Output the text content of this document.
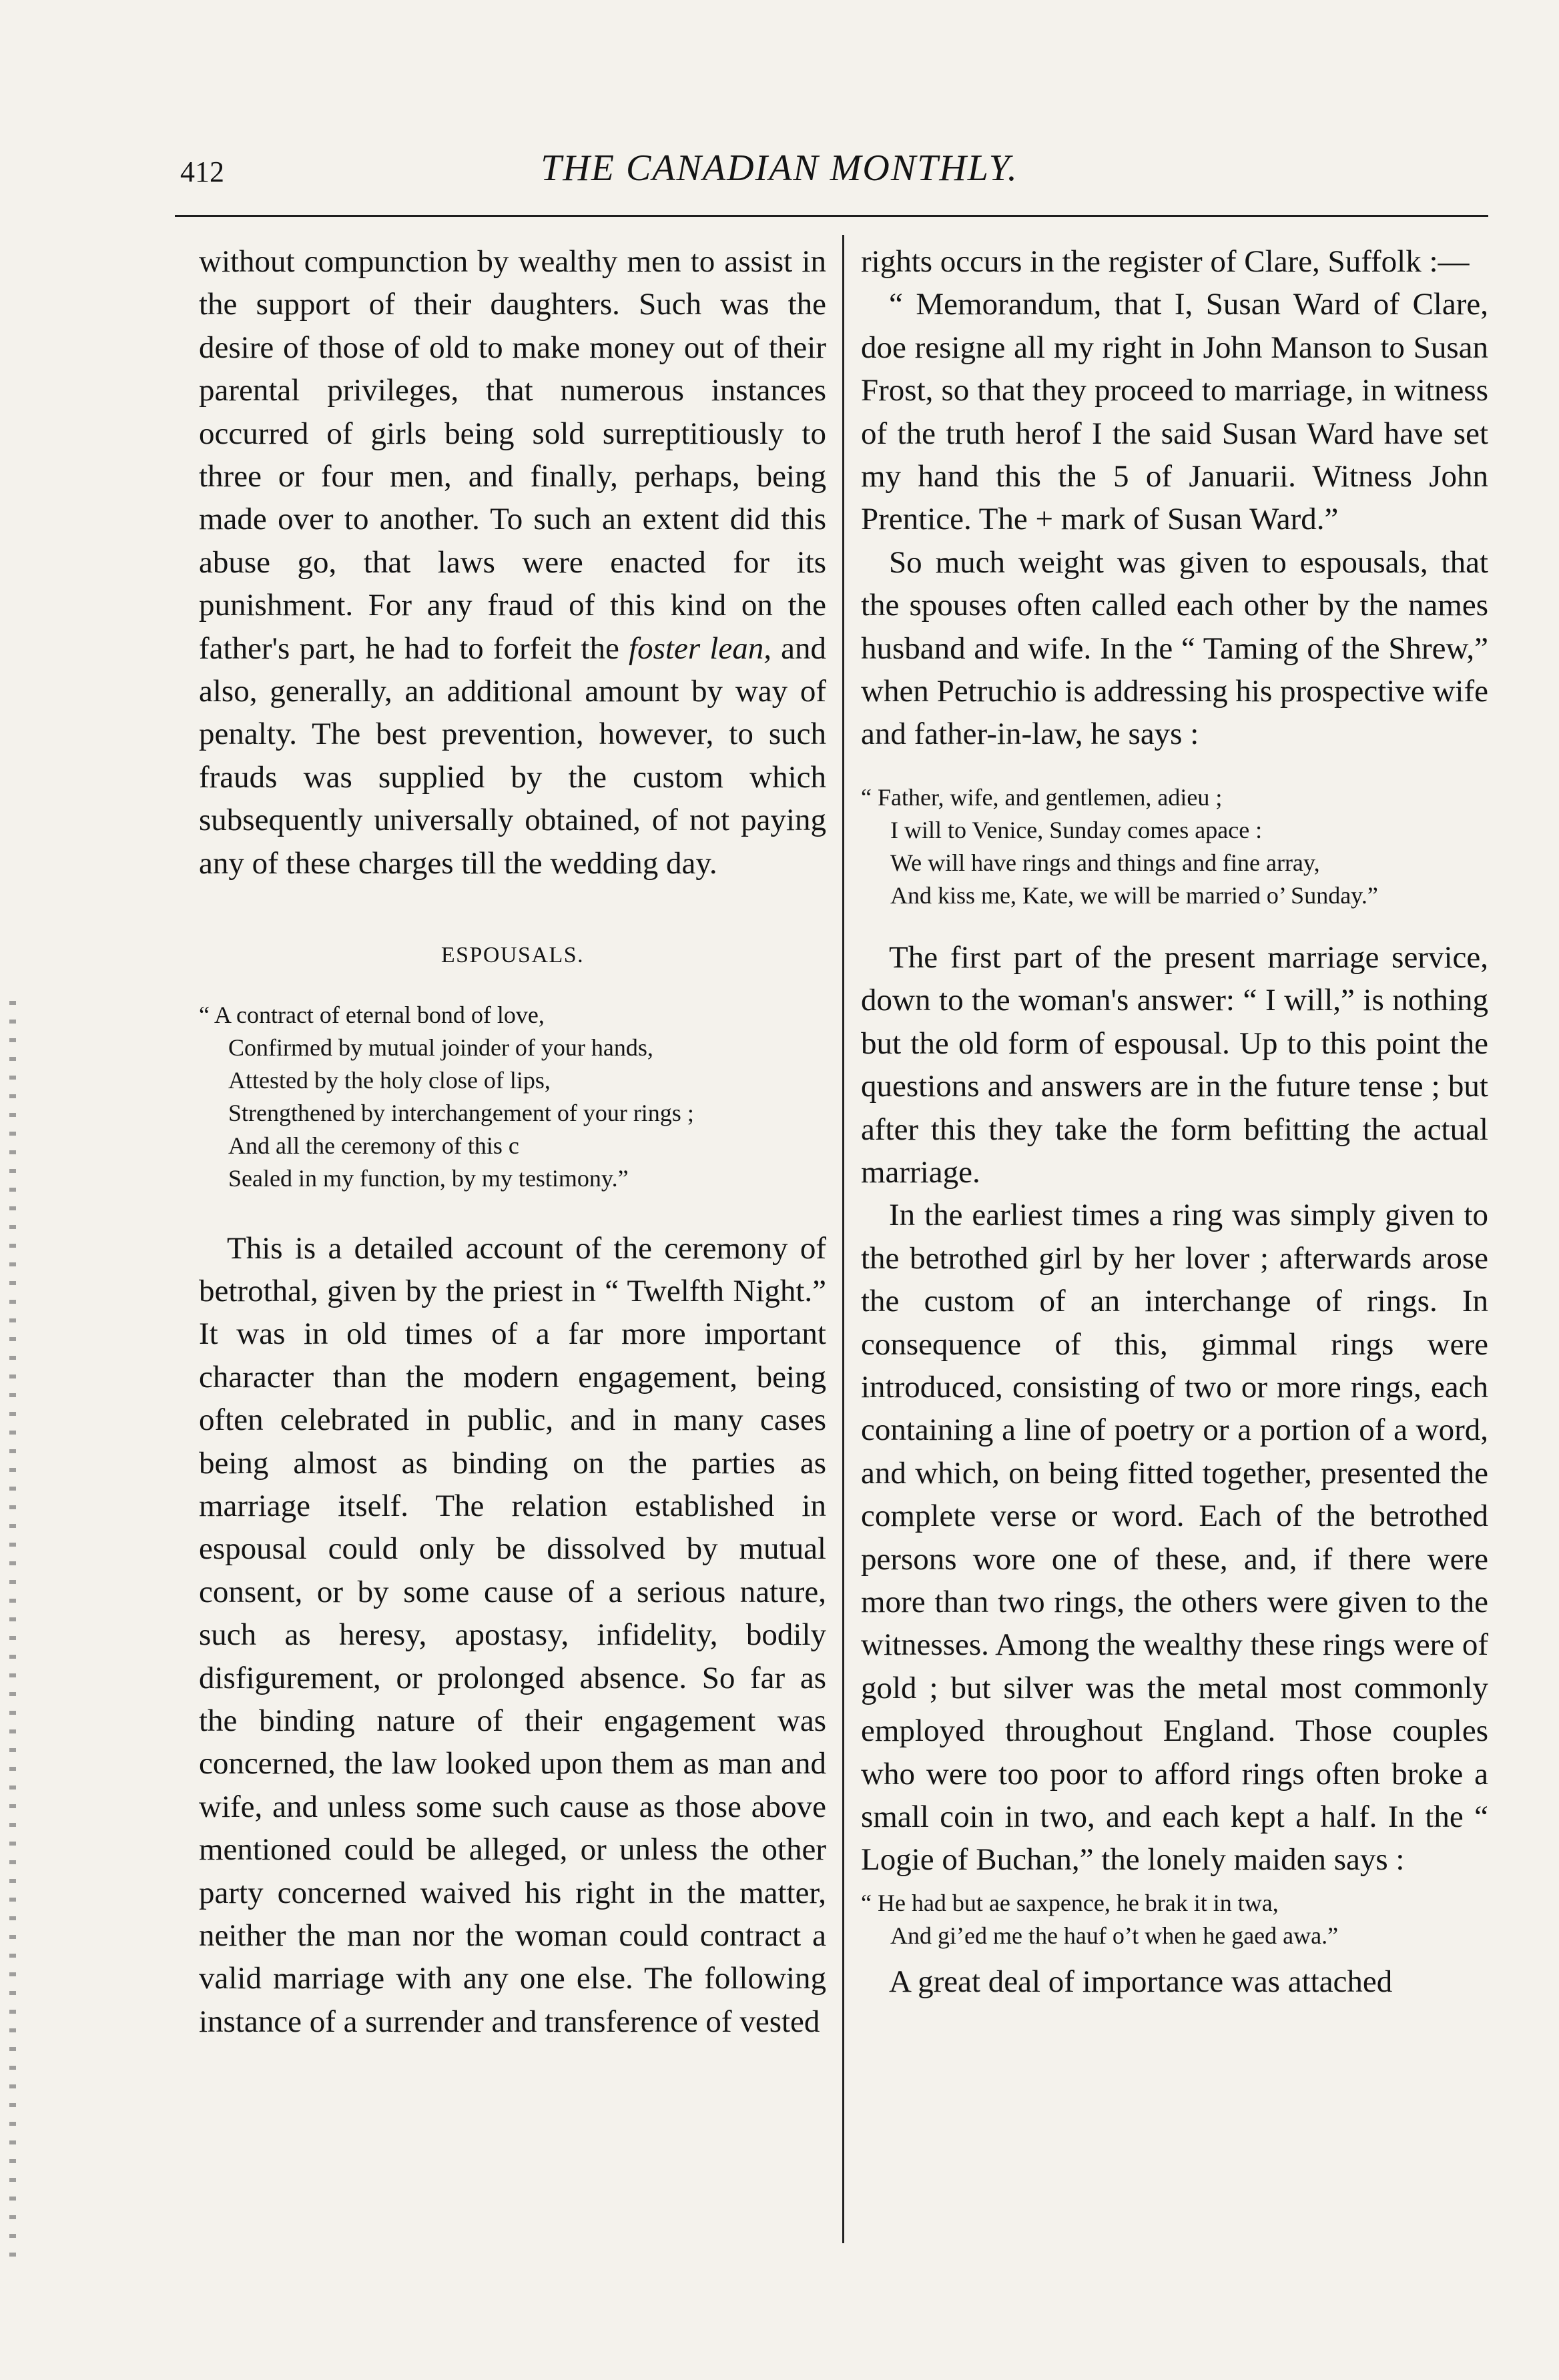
412	THE CANADIAN MONTHLY.

without compunction by wealthy men to assist in the support of their daughters. Such was the desire of those of old to make money out of their parental privileges, that numerous instances occurred of girls being sold surreptitiously to three or four men, and finally, perhaps, being made over to another. To such an extent did this abuse go, that laws were enacted for its punishment. For any fraud of this kind on the father's part, he had to forfeit the foster lean, and also, generally, an additional amount by way of penalty. The best prevention, however, to such frauds was supplied by the custom which subsequently universally obtained, of not paying any of these charges till the wedding day.

ESPOUSALS.
“ A contract of eternal bond of love,
Confirmed by mutual joinder of your hands,
Attested by the holy close of lips,
Strengthened by interchangement of your rings ;
And all the ceremony of this c
Sealed in my function, by my testimony.”

This is a detailed account of the ceremony of betrothal, given by the priest in “ Twelfth Night.” It was in old times of a far more important character than the modern engagement, being often celebrated in public, and in many cases being almost as binding on the parties as marriage itself. The relation established in espousal could only be dissolved by mutual consent, or by some cause of a serious nature, such as heresy, apostasy, infidelity, bodily disfigurement, or prolonged absence. So far as the binding nature of their engagement was concerned, the law looked upon them as man and wife, and unless some such cause as those above mentioned could be alleged, or unless the other party concerned waived his right in the matter, neither the man nor the woman could contract a valid marriage with any one else. The following instance of a surrender and transference of vested

rights occurs in the register of Clare, Suffolk :—

“ Memorandum, that I, Susan Ward of Clare, doe resigne all my right in John Manson to Susan Frost, so that they proceed to marriage, in witness of the truth herof I the said Susan Ward have set my hand this the 5 of Januarii. Witness John Prentice. The + mark of Susan Ward.”

So much weight was given to espousals, that the spouses often called each other by the names husband and wife. In the “ Taming of the Shrew,” when Petruchio is addressing his prospective wife and father-in-law, he says :

“ Father, wife, and gentlemen, adieu ;
I will to Venice, Sunday comes apace :
We will have rings and things and fine array,
And kiss me, Kate, we will be married o’ Sunday.”

The first part of the present marriage service, down to the woman's answer: “ I will,” is nothing but the old form of espousal. Up to this point the questions and answers are in the future tense ; but after this they take the form befitting the actual marriage.

In the earliest times a ring was simply given to the betrothed girl by her lover ; afterwards arose the custom of an interchange of rings. In consequence of this, gimmal rings were introduced, consisting of two or more rings, each containing a line of poetry or a portion of a word, and which, on being fitted together, presented the complete verse or word. Each of the betrothed persons wore one of these, and, if there were more than two rings, the others were given to the witnesses. Among the wealthy these rings were of gold ; but silver was the metal most commonly employed throughout England. Those couples who were too poor to afford rings often broke a small coin in two, and each kept a half. In the “ Logie of Buchan,” the lonely maiden says :

“ He had but ae saxpence, he brak it in twa,
And gi’ed me the hauf o’t when he gaed awa.”

A great deal of importance was attached
